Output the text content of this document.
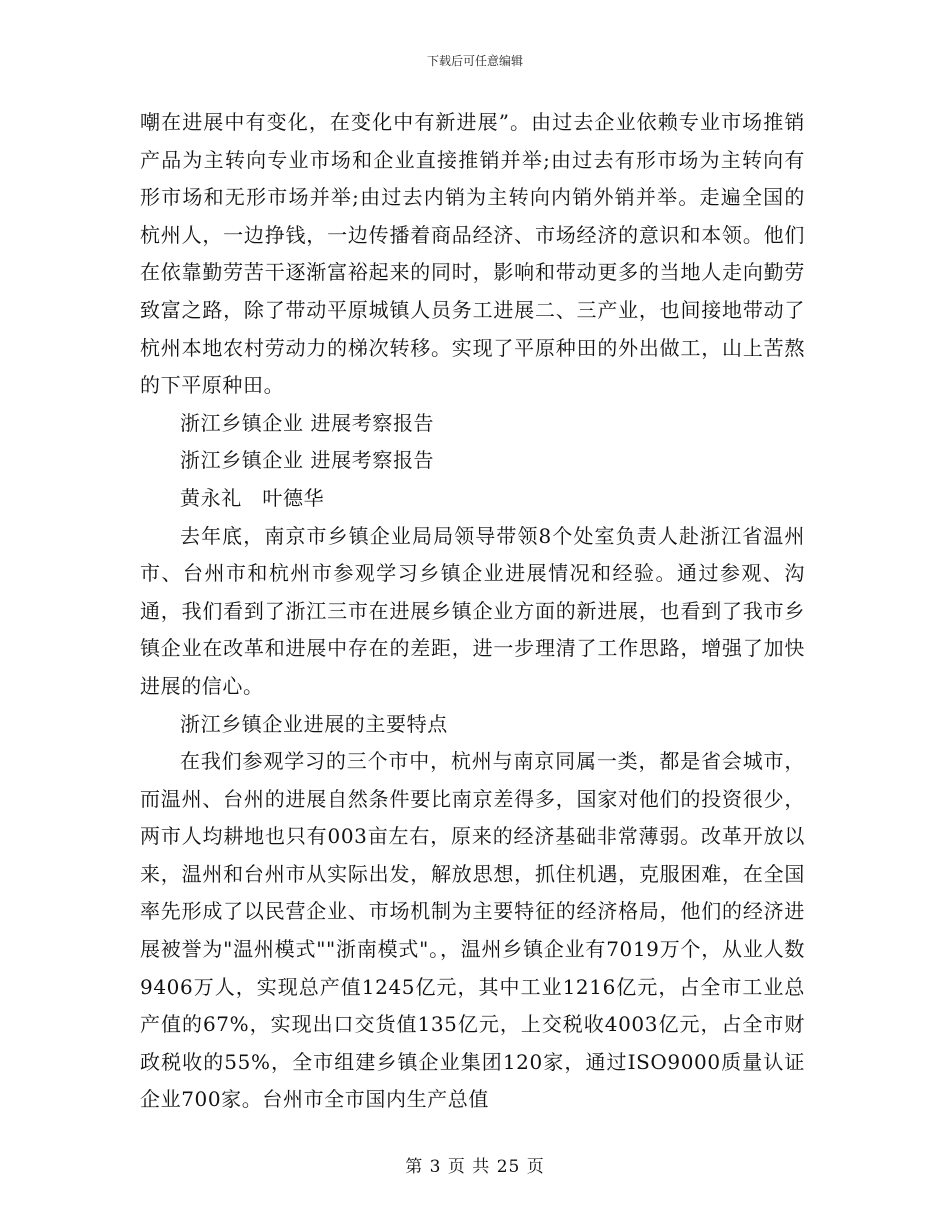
下载后可任意编辑

嘲在进展中有变化，在变化中有新进展”。由过去企业依赖专业市场推销产品为主转向专业市场和企业直接推销并举;由过去有形市场为主转向有形市场和无形市场并举;由过去内销为主转向内销外销并举。走遍全国的杭州人，一边挣钱，一边传播着商品经济、市场经济的意识和本领。他们在依靠勤劳苦干逐渐富裕起来的同时，影响和带动更多的当地人走向勤劳致富之路，除了带动平原城镇人员务工进展二、三产业，也间接地带动了杭州本地农村劳动力的梯次转移。实现了平原种田的外出做工，山上苦熬的下平原种田。

浙江乡镇企业 进展考察报告

浙江乡镇企业 进展考察报告

黄永礼　叶德华

去年底，南京市乡镇企业局局领导带领8个处室负责人赴浙江省温州市、台州市和杭州市参观学习乡镇企业进展情况和经验。通过参观、沟通，我们看到了浙江三市在进展乡镇企业方面的新进展，也看到了我市乡镇企业在改革和进展中存在的差距，进一步理清了工作思路，增强了加快进展的信心。

浙江乡镇企业进展的主要特点

在我们参观学习的三个市中，杭州与南京同属一类，都是省会城市，而温州、台州的进展自然条件要比南京差得多，国家对他们的投资很少，两市人均耕地也只有003亩左右，原来的经济基础非常薄弱。改革开放以来，温州和台州市从实际出发，解放思想，抓住机遇，克服困难，在全国率先形成了以民营企业、市场机制为主要特征的经济格局，他们的经济进展被誉为"温州模式""浙南模式"。，温州乡镇企业有7019万个，从业人数9406万人，实现总产值1245亿元，其中工业1216亿元，占全市工业总产值的67%，实现出口交货值135亿元，上交税收4003亿元，占全市财政税收的55%，全市组建乡镇企业集团120家，通过ISO9000质量认证企业700家。台州市全市国内生产总值

第 3 页 共 25 页
